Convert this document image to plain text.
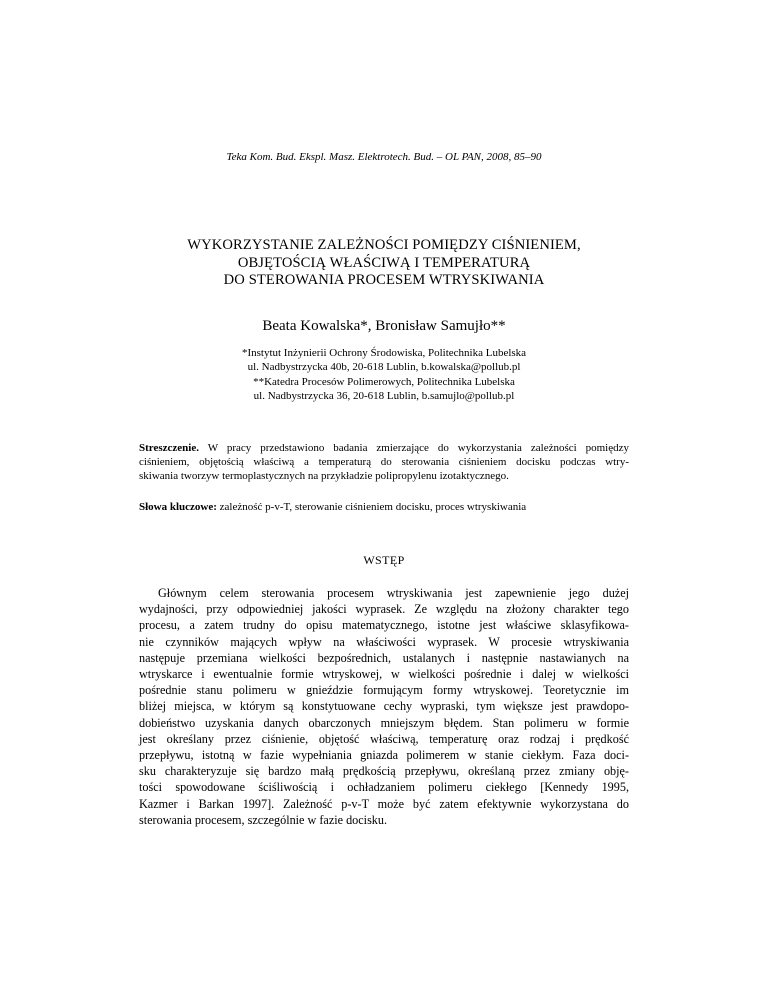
Teka Kom. Bud. Ekspl. Masz. Elektrotech. Bud. – OL PAN, 2008, 85–90
WYKORZYSTANIE ZALEŻNOŚCI POMIĘDZY CIŚNIENIEM,
OBJĘTOŚCIĄ WŁAŚCIWĄ I TEMPERATURĄ
DO STEROWANIA PROCESEM WTRYSKIWANIA
Beata Kowalska*, Bronisław Samujło**
*Instytut Inżynierii Ochrony Środowiska, Politechnika Lubelska
ul. Nadbystrzycka 40b, 20-618 Lublin, b.kowalska@pollub.pl
**Katedra Procesów Polimerowych, Politechnika Lubelska
ul. Nadbystrzycka 36, 20-618 Lublin, b.samujlo@pollub.pl
Streszczenie. W pracy przedstawiono badania zmierzające do wykorzystania zależności pomiędzy
ciśnieniem, objętością właściwą a temperaturą do sterowania ciśnieniem docisku podczas wtry-
skiwania tworzyw termoplastycznych na przykładzie polipropylenu izotaktycznego.
Słowa kluczowe: zależność p-v-T, sterowanie ciśnieniem docisku, proces wtryskiwania
WSTĘP
Głównym celem sterowania procesem wtryskiwania jest zapewnienie jego dużej
wydajności, przy odpowiedniej jakości wyprasek. Ze względu na złożony charakter tego
procesu, a zatem trudny do opisu matematycznego, istotne jest właściwe sklasyfikowa-
nie czynników mających wpływ na właściwości wyprasek. W procesie wtryskiwania
następuje przemiana wielkości bezpośrednich, ustalanych i następnie nastawianych na
wtryskarce i ewentualnie formie wtryskowej, w wielkości pośrednie i dalej w wielkości
pośrednie stanu polimeru w gnieździe formującym formy wtryskowej. Teoretycznie im
bliżej miejsca, w którym są konstytuowane cechy wypraski, tym większe jest prawdopo-
dobieństwo uzyskania danych obarczonych mniejszym błędem. Stan polimeru w formie
jest określany przez ciśnienie, objętość właściwą, temperaturę oraz rodzaj i prędkość
przepływu, istotną w fazie wypełniania gniazda polimerem w stanie ciekłym. Faza doci-
sku charakteryzuje się bardzo małą prędkością przepływu, określaną przez zmiany obję-
tości spowodowane ściśliwością i ochładzaniem polimeru ciekłego [Kennedy 1995,
Kazmer i Barkan 1997]. Zależność p-v-T może być zatem efektywnie wykorzystana do
sterowania procesem, szczególnie w fazie docisku.
